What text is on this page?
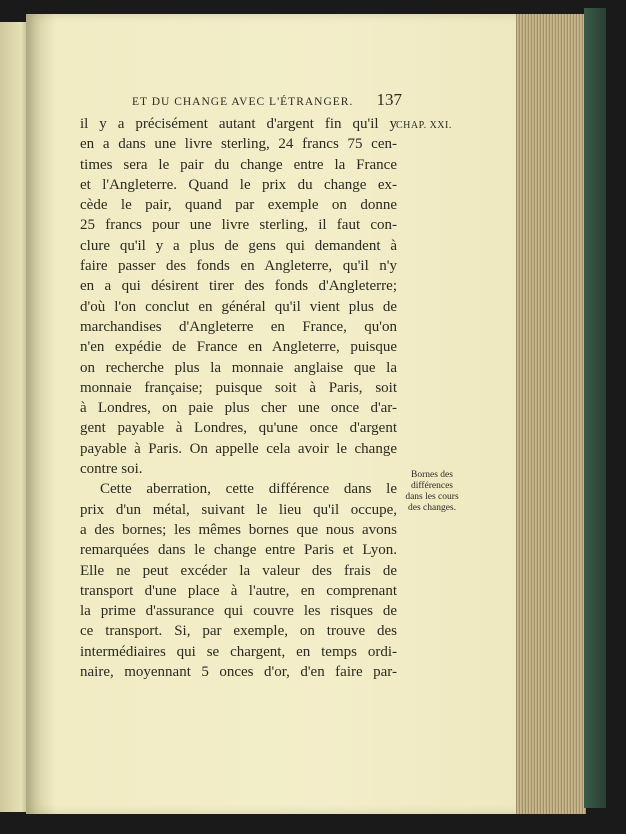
ET DU CHANGE AVEC L'ÉTRANGER. 137
CHAP. XXI.
il y a précisément autant d'argent fin qu'il y
en a dans une livre sterling, 24 francs 75 cen-
times sera le pair du change entre la France
et l'Angleterre. Quand le prix du change ex-
cède le pair, quand par exemple on donne
25 francs pour une livre sterling, il faut con-
clure qu'il y a plus de gens qui demandent à
faire passer des fonds en Angleterre, qu'il n'y
en a qui désirent tirer des fonds d'Angleterre;
d'où l'on conclut en général qu'il vient plus de
marchandises d'Angleterre en France, qu'on
n'en expédie de France en Angleterre, puisque
on recherche plus la monnaie anglaise que la
monnaie française; puisque soit à Paris, soit
à Londres, on paie plus cher une once d'ar-
gent payable à Londres, qu'une once d'argent
payable à Paris. On appelle cela avoir le change
contre soi.
Cette aberration, cette différence dans le
prix d'un métal, suivant le lieu qu'il occupe,
a des bornes; les mêmes bornes que nous avons
remarquées dans le change entre Paris et Lyon.
Elle ne peut excéder la valeur des frais de
transport d'une place à l'autre, en comprenant
la prime d'assurance qui couvre les risques de
ce transport. Si, par exemple, on trouve des
intermédiaires qui se chargent, en temps ordi-
naire, moyennant 5 onces d'or, d'en faire par-
Bornes des
différences
dans les cours
des changes.
